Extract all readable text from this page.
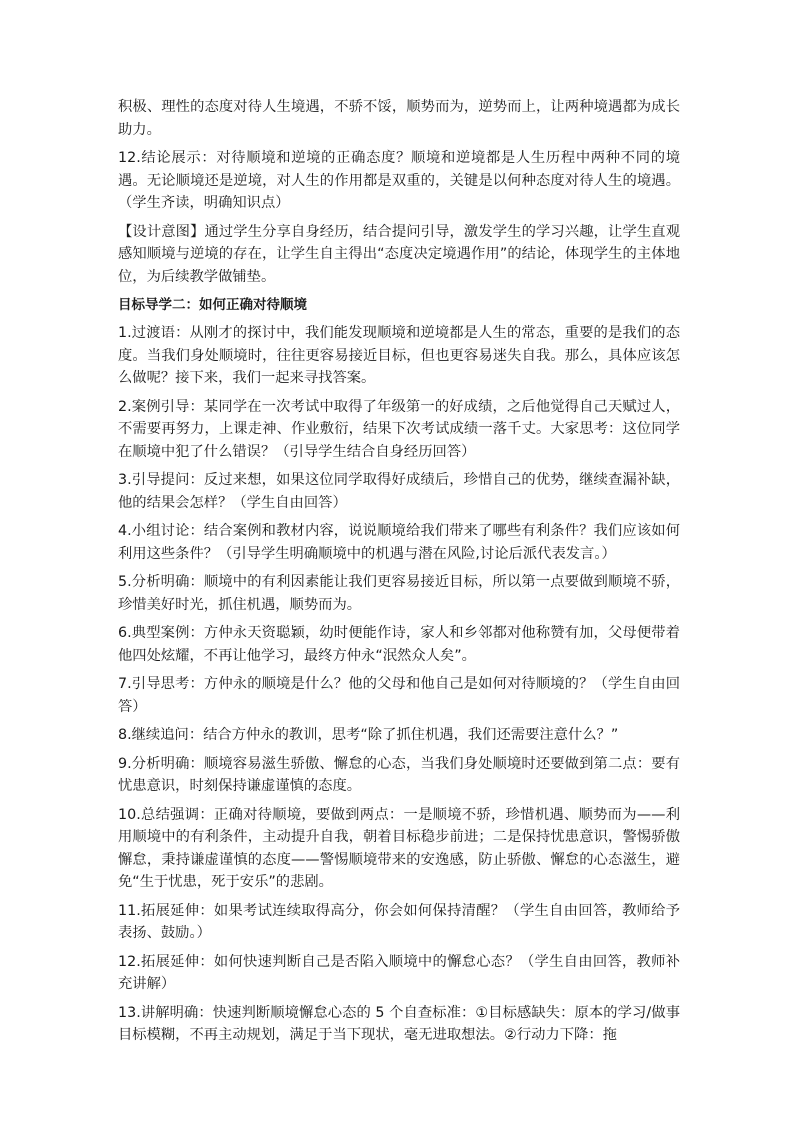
积极、理性的态度对待人生境遇，不骄不馁，顺势而为，逆势而上，让两种境遇都为成长助力。

12.结论展示：对待顺境和逆境的正确态度？顺境和逆境都是人生历程中两种不同的境遇。无论顺境还是逆境，对人生的作用都是双重的，关键是以何种态度对待人生的境遇。（学生齐读，明确知识点）

【设计意图】通过学生分享自身经历，结合提问引导，激发学生的学习兴趣，让学生直观感知顺境与逆境的存在，让学生自主得出“态度决定境遇作用”的结论，体现学生的主体地位，为后续教学做铺垫。

目标导学二：如何正确对待顺境

1.过渡语：从刚才的探讨中，我们能发现顺境和逆境都是人生的常态，重要的是我们的态度。当我们身处顺境时，往往更容易接近目标，但也更容易迷失自我。那么，具体应该怎么做呢？接下来，我们一起来寻找答案。

2.案例引导：某同学在一次考试中取得了年级第一的好成绩，之后他觉得自己天赋过人，不需要再努力，上课走神、作业敷衍，结果下次考试成绩一落千丈。大家思考：这位同学在顺境中犯了什么错误？（引导学生结合自身经历回答）

3.引导提问：反过来想，如果这位同学取得好成绩后，珍惜自己的优势，继续查漏补缺，他的结果会怎样？（学生自由回答）

4.小组讨论：结合案例和教材内容，说说顺境给我们带来了哪些有利条件？我们应该如何利用这些条件？（引导学生明确顺境中的机遇与潜在风险,讨论后派代表发言。）

5.分析明确：顺境中的有利因素能让我们更容易接近目标，所以第一点要做到顺境不骄，珍惜美好时光，抓住机遇，顺势而为。

6.典型案例：方仲永天资聪颖，幼时便能作诗，家人和乡邻都对他称赞有加，父母便带着他四处炫耀，不再让他学习，最终方仲永“泯然众人矣”。

7.引导思考：方仲永的顺境是什么？他的父母和他自己是如何对待顺境的？（学生自由回答）

8.继续追问：结合方仲永的教训，思考“除了抓住机遇，我们还需要注意什么？”

9.分析明确：顺境容易滋生骄傲、懈怠的心态，当我们身处顺境时还要做到第二点：要有忧患意识，时刻保持谦虚谨慎的态度。

10.总结强调：正确对待顺境，要做到两点：一是顺境不骄，珍惜机遇、顺势而为——利用顺境中的有利条件，主动提升自我，朝着目标稳步前进；二是保持忧患意识，警惕骄傲懈怠，秉持谦虚谨慎的态度——警惕顺境带来的安逸感，防止骄傲、懈怠的心态滋生，避免“生于忧患，死于安乐”的悲剧。

11.拓展延伸：如果考试连续取得高分，你会如何保持清醒？（学生自由回答，教师给予表扬、鼓励。）

12.拓展延伸：如何快速判断自己是否陷入顺境中的懈怠心态？（学生自由回答，教师补充讲解）

13.讲解明确：快速判断顺境懈怠心态的 5 个自查标准：①目标感缺失：原本的学习/做事目标模糊，不再主动规划，满足于当下现状，毫无进取想法。②行动力下降：拖
